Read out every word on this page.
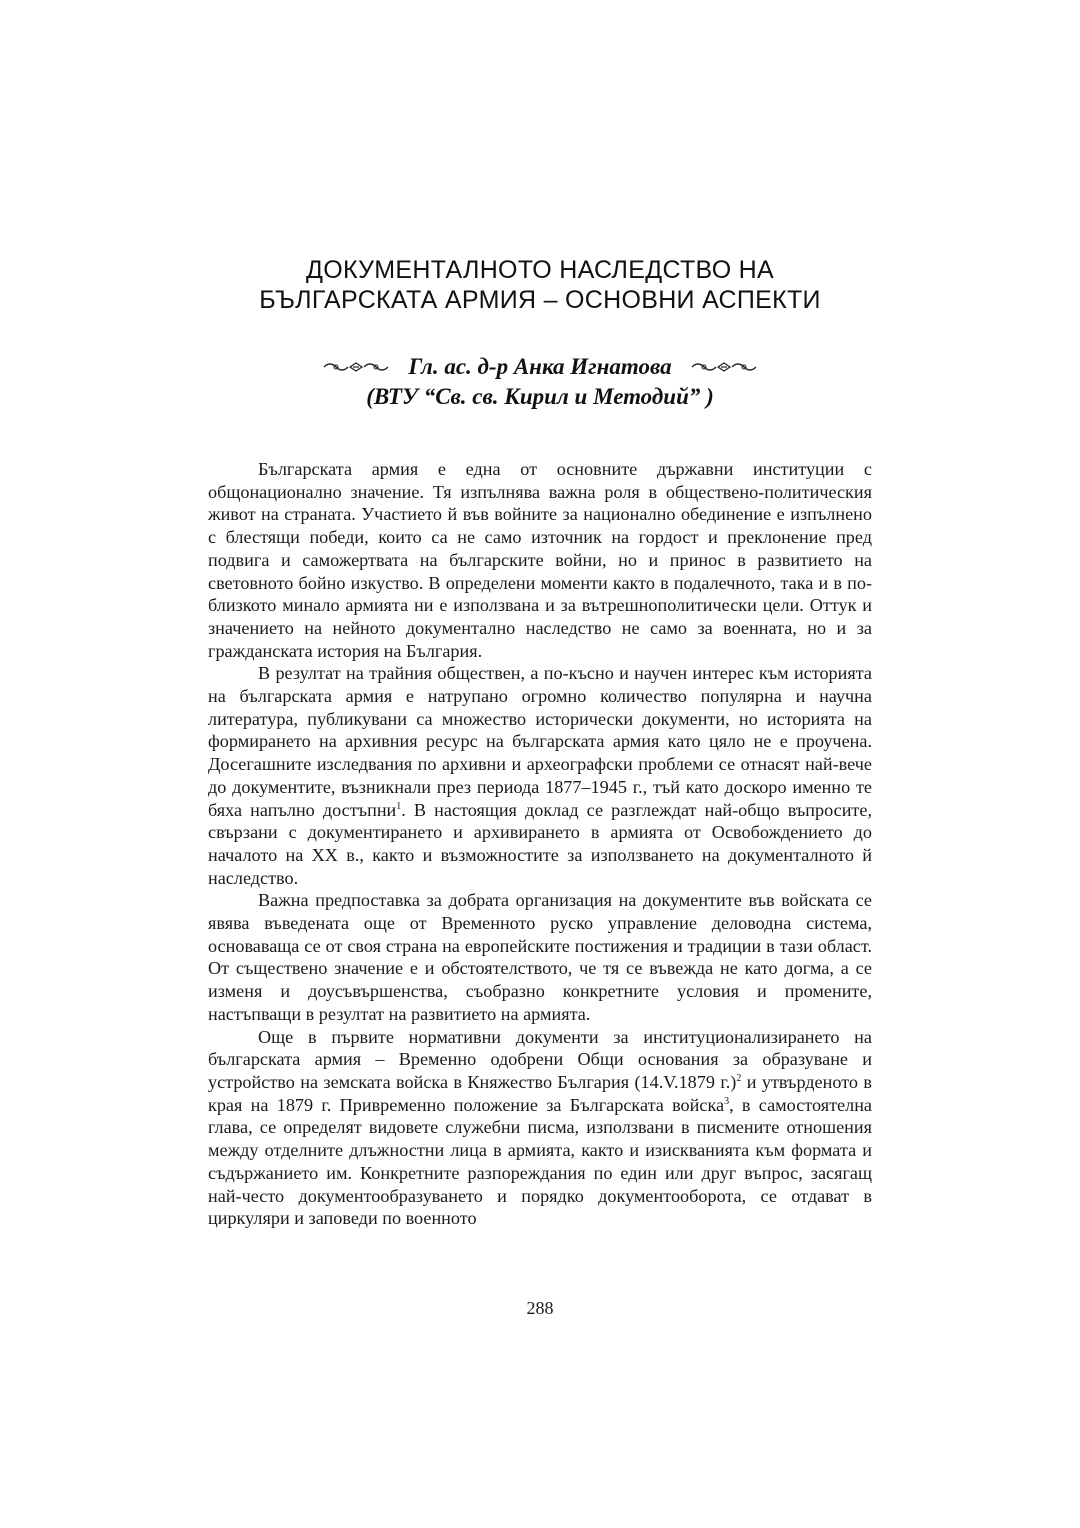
ДОКУМЕНТАЛНОТО НАСЛЕДСТВО НА
БЪЛГАРСКАТА АРМИЯ – ОСНОВНИ АСПЕКТИ
Гл. ас. д-р Анка Игнатова
(ВТУ “Св. св. Кирил и Методий” )

Българската армия е една от основните държавни институции с общонационално значение. Тя изпълнява важна роля в обществено-политическия живот на страната. Участието й във войните за национално обединение е изпълнено с блестящи победи, които са не само източник на гордост и преклонение пред подвига и саможертвата на българските войни, но и принос в развитието на световното бойно изкуство. В определени моменти както в подалечното, така и в по-близкото минало армията ни е използвана и за вътрешнополитически цели. Оттук и значението на нейното документално наследство не само за военната, но и за гражданската история на България.

В резултат на трайния обществен, а по-късно и научен интерес към историята на българската армия е натрупано огромно количество популярна и научна литература, публикувани са множество исторически документи, но историята на формирането на архивния ресурс на българската армия като цяло не е проучена. Досегашните изследвания по архивни и археографски проблеми се отнасят най-вече до документите, възникнали през периода 1877–1945 г., тъй като доскоро именно те бяха напълно достъпни$^1$. В настоящия доклад се разглеждат най-общо въпросите, свързани с документирането и архивирането в армията от Освобождението до началото на XX в., както и възможностите за използването на документалното й наследство.

Важна предпоставка за добрата организация на документите във войската се явява въведената още от Временното руско управление деловодна система, основаваща се от своя страна на европейските постижения и традиции в тази област. От съществено значение е и обстоятелството, че тя се въвежда не като догма, а се изменя и доусъвършенства, съобразно конкретните условия и промените, настъпващи в резултат на развитието на армията.

Още в първите нормативни документи за институционализирането на българската армия – Временно одобрени Общи основания за образуване и устройство на земската войска в Княжество България (14.V.1879 г.)$^2$ и утвърденото в края на 1879 г. Привременно положение за Българската войска$^3$, в самостоятелна глава, се определят видовете служебни писма, използвани в писмените отношения между отделните длъжностни лица в армията, както и изискванията към формата и съдържанието им. Конкретните разпореждания по един или друг въпрос, засягащ най-често документообразуването и порядко документооборота, се отдават в циркуляри и заповеди по военното

288
